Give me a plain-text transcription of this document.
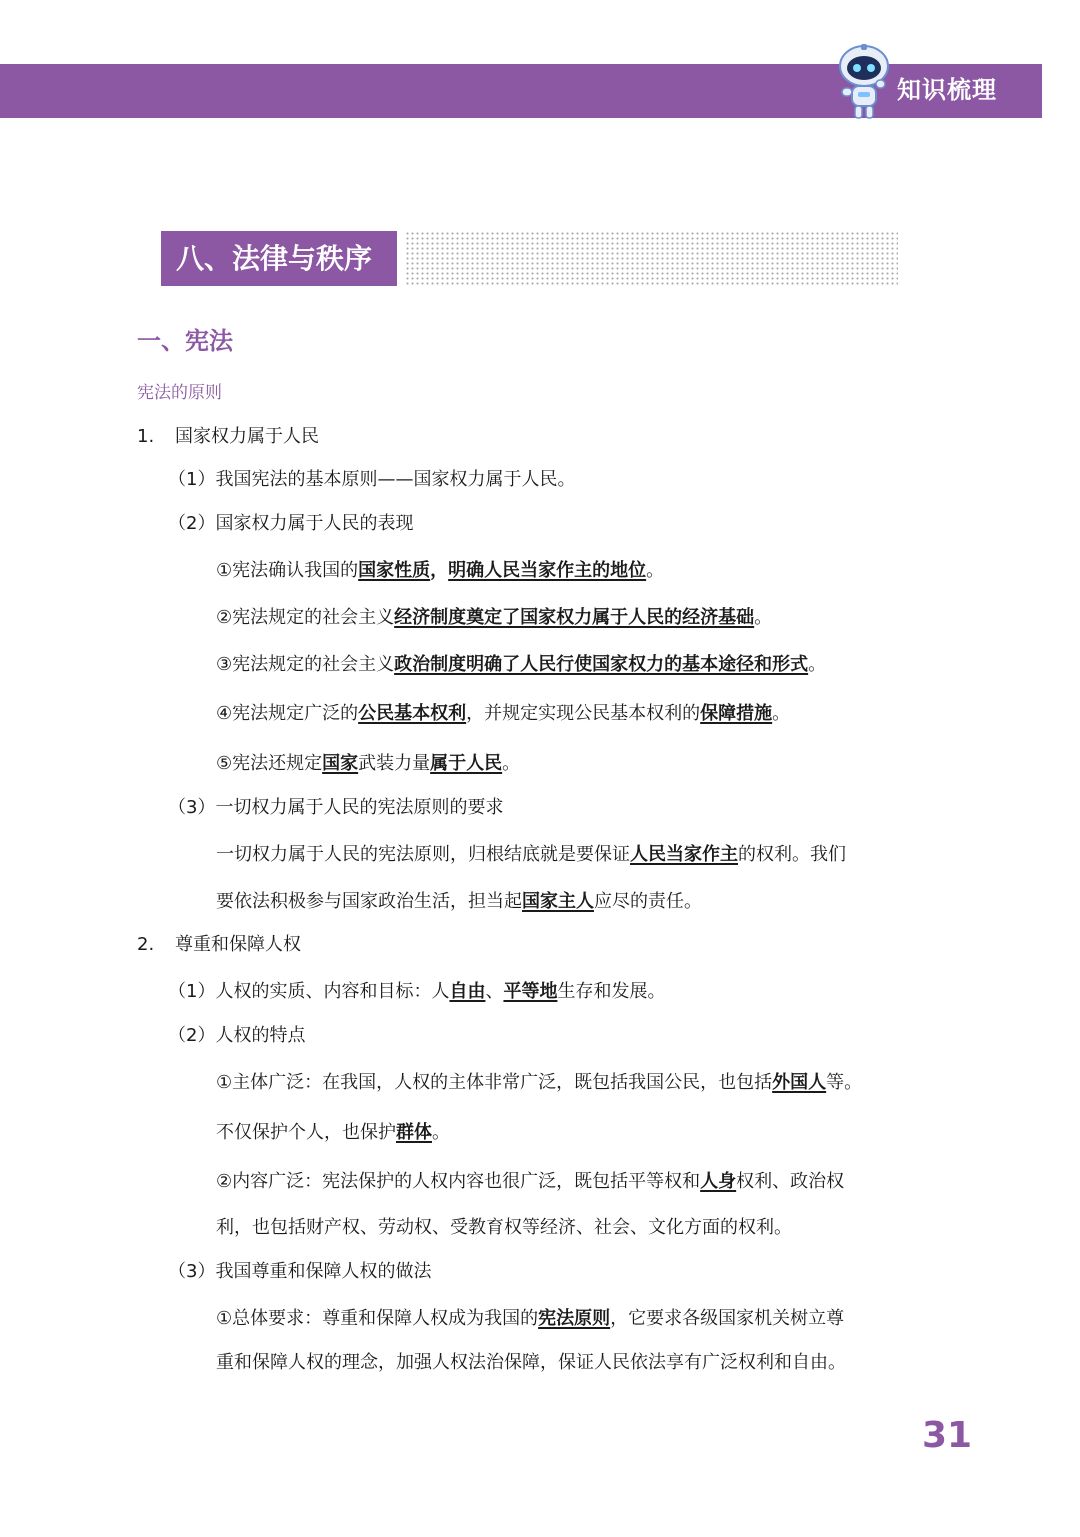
知识梳理
八、法律与秩序
一、宪法
宪法的原则
1. 国家权力属于人民
（1）我国宪法的基本原则——国家权力属于人民。
（2）国家权力属于人民的表现
①宪法确认我国的国家性质，明确人民当家作主的地位。
②宪法规定的社会主义经济制度奠定了国家权力属于人民的经济基础。
③宪法规定的社会主义政治制度明确了人民行使国家权力的基本途径和形式。
④宪法规定广泛的公民基本权利，并规定实现公民基本权利的保障措施。
⑤宪法还规定国家武装力量属于人民。
（3）一切权力属于人民的宪法原则的要求
一切权力属于人民的宪法原则，归根结底就是要保证人民当家作主的权利。我们
要依法积极参与国家政治生活，担当起国家主人应尽的责任。
2. 尊重和保障人权
（1）人权的实质、内容和目标：人自由、平等地生存和发展。
（2）人权的特点
①主体广泛：在我国，人权的主体非常广泛，既包括我国公民，也包括外国人等。
不仅保护个人，也保护群体。
②内容广泛：宪法保护的人权内容也很广泛，既包括平等权和人身权利、政治权
利，也包括财产权、劳动权、受教育权等经济、社会、文化方面的权利。
（3）我国尊重和保障人权的做法
①总体要求：尊重和保障人权成为我国的宪法原则，它要求各级国家机关树立尊
重和保障人权的理念，加强人权法治保障，保证人民依法享有广泛权利和自由。
31
